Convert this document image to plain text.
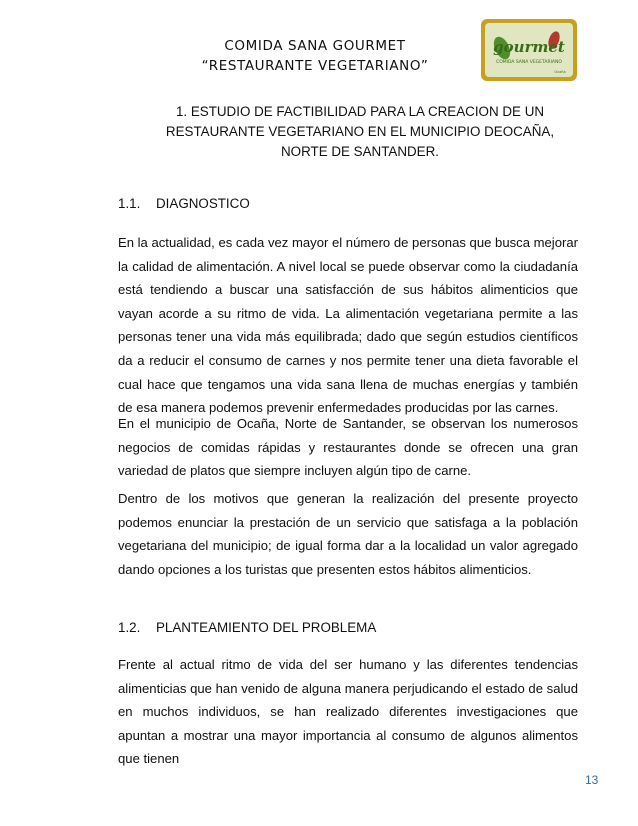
COMIDA SANA GOURMET
“RESTAURANTE VEGETARIANO”
gourmet
COMIDA SANA VEGETARIANO
Ocaña
1. ESTUDIO DE FACTIBILIDAD PARA LA CREACION DE UN
RESTAURANTE VEGETARIANO EN EL MUNICIPIO DEOCAÑA,
NORTE DE SANTANDER.
1.1. DIAGNOSTICO

En la actualidad, es cada vez mayor el número de personas que busca mejorar la calidad de alimentación. A nivel local se puede observar como la ciudadanía está tendiendo a buscar una satisfacción de sus hábitos alimenticios que vayan acorde a su ritmo de vida. La alimentación vegetariana permite a las personas tener una vida más equilibrada; dado que según estudios científicos da a reducir el consumo de carnes y nos permite tener una dieta favorable el cual hace que tengamos una vida sana llena de muchas energías y también de esa manera podemos prevenir enfermedades producidas por las carnes.

En el municipio de Ocaña, Norte de Santander, se observan los numerosos negocios de comidas rápidas y restaurantes donde se ofrecen una gran variedad de platos que siempre incluyen algún tipo de carne.

Dentro de los motivos que generan la realización del presente proyecto podemos enunciar la prestación de un servicio que satisfaga a la población vegetariana del municipio; de igual forma dar a la localidad un valor agregado dando opciones a los turistas que presenten estos hábitos alimenticios.

1.2. PLANTEAMIENTO DEL PROBLEMA

Frente al actual ritmo de vida del ser humano y las diferentes tendencias alimenticias que han venido de alguna manera perjudicando el estado de salud en muchos individuos, se han realizado diferentes investigaciones que apuntan a mostrar una mayor importancia al consumo de algunos alimentos que tienen

13
